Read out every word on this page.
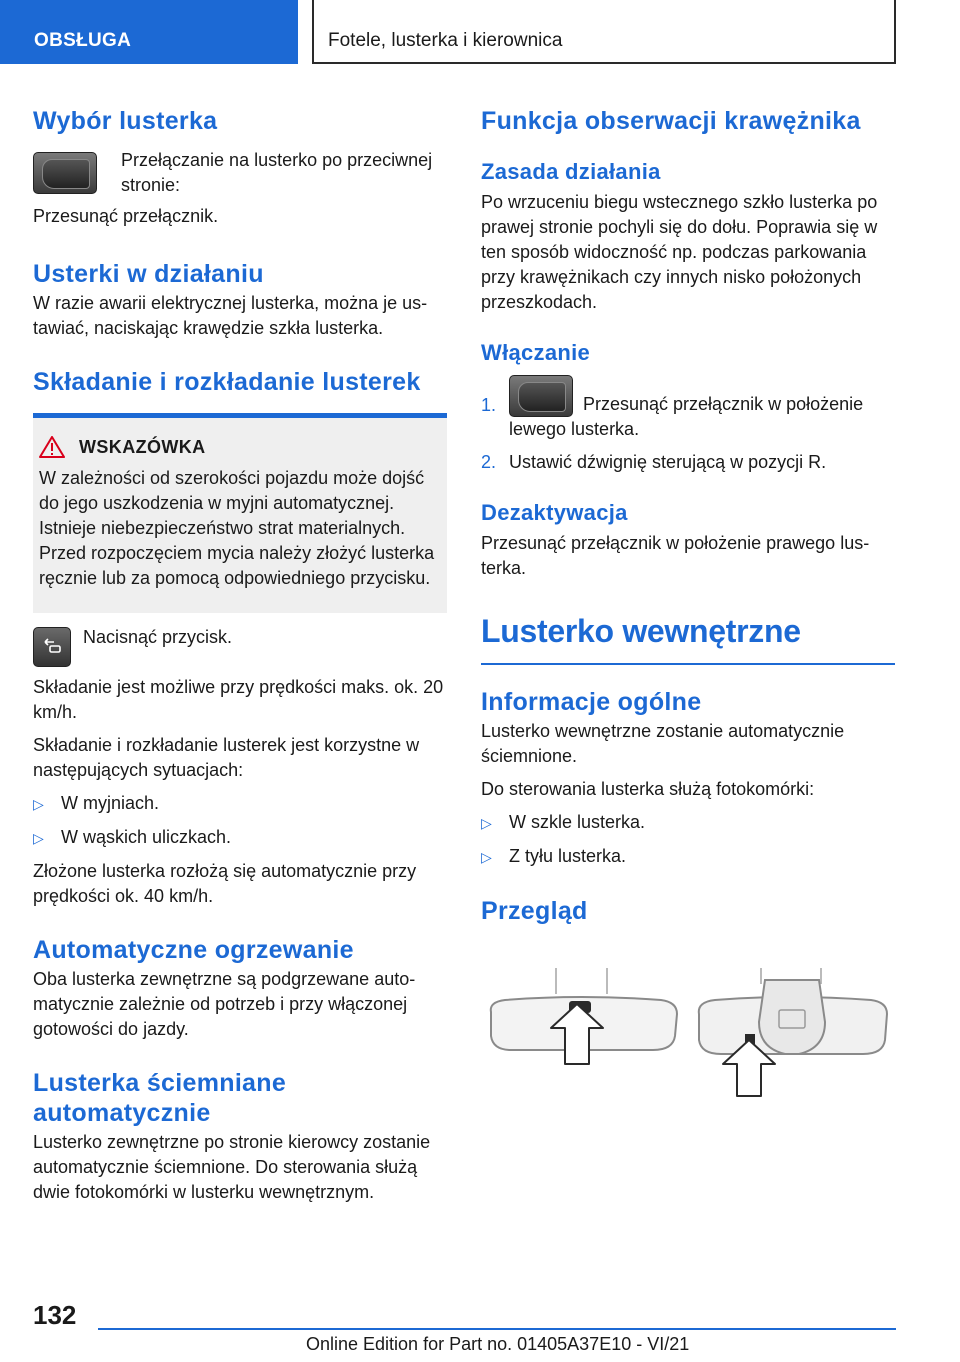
OBSŁUGA	Fotele, lusterka i kierownica
Wybór lusterka

Przełączanie na lusterko po przeciwnej stronie:

Przesunąć przełącznik.

Usterki w działaniu

W razie awarii elektrycznej lusterka, można je ustawiać, naciskając krawędzie szkła lusterka.

Składanie i rozkładanie lusterek
WSKAZÓWKA

W zależności od szerokości pojazdu może dojść do jego uszkodzenia w myjni automatycznej. Istnieje niebezpieczeństwo strat materialnych. Przed rozpoczęciem mycia należy złożyć lusterka ręcznie lub za pomocą odpowiedniego przycisku.

Nacisnąć przycisk.

Składanie jest możliwe przy prędkości maks. ok. 20 km/h.

Składanie i rozkładanie lusterek jest korzystne w następujących sytuacjach:

▷ W myjniach.
▷ W wąskich uliczkach.

Złożone lusterka rozłożą się automatycznie przy prędkości ok. 40 km/h.

Automatyczne ogrzewanie

Oba lusterka zewnętrzne są podgrzewane automatycznie zależnie od potrzeb i przy włączonej gotowości do jazdy.

Lusterka ściemniane
automatycznie

Lusterko zewnętrzne po stronie kierowcy zostanie automatycznie ściemnione. Do sterowania służą dwie fotokomórki w lusterku wewnętrznym.

Funkcja obserwacji krawężnika
Zasada działania

Po wrzuceniu biegu wstecznego szkło lusterka po prawej stronie pochyli się do dołu. Poprawia się w ten sposób widoczność np. podczas parkowania przy krawężnikach czy innych nisko położonych przeszkodach.

Włączanie
1.	Przesunąć przełącznik w położenie
lewego lusterka.
2. Ustawić dźwignię sterującą w pozycji R.
Dezaktywacja

Przesunąć przełącznik w położenie prawego lusterka.

Lusterko wewnętrzne
Informacje ogólne

Lusterko wewnętrzne zostanie automatycznie ściemnione.

Do sterowania lusterka służą fotokomórki:

▷ W szkle lusterka.
▷ Z tyłu lusterka.
Przegląd
132
Online Edition for Part no. 01405A37E10 - VI/21
